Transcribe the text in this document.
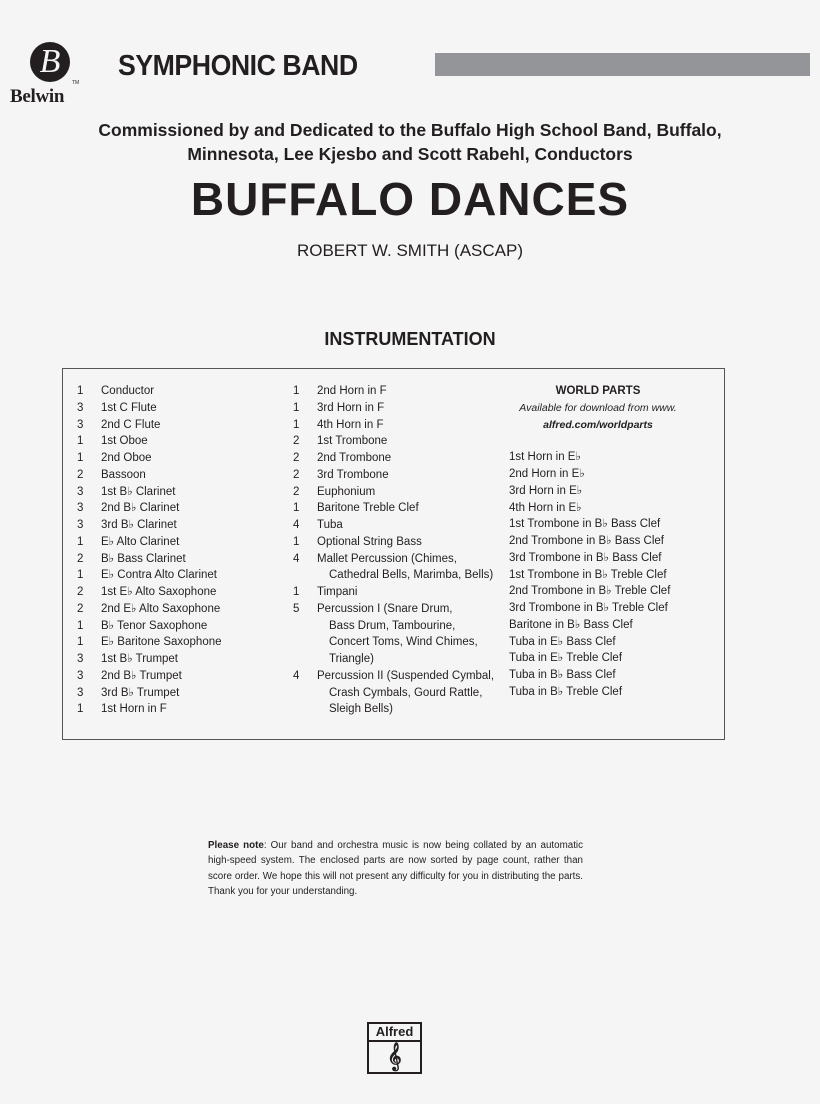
B
TM
Belwin
SYMPHONIC BAND
Commissioned by and Dedicated to the Buffalo High School Band, Buffalo,
Minnesota, Lee Kjesbo and Scott Rabehl, Conductors
BUFFALO DANCES
ROBERT W. SMITH (ASCAP)
INSTRUMENTATION
1	Conductor
3	1st C Flute
3	2nd C Flute
1	1st Oboe
1	2nd Oboe
2	Bassoon
3	1st B♭ Clarinet
3	2nd B♭ Clarinet
3	3rd B♭ Clarinet
1	E♭ Alto Clarinet
2	B♭ Bass Clarinet
1	E♭ Contra Alto Clarinet
2	1st E♭ Alto Saxophone
2	2nd E♭ Alto Saxophone
1	B♭ Tenor Saxophone
1	E♭ Baritone Saxophone
3	1st B♭ Trumpet
3	2nd B♭ Trumpet
3	3rd B♭ Trumpet
1	1st Horn in F
1	2nd Horn in F
1	3rd Horn in F
1	4th Horn in F
2	1st Trombone
2	2nd Trombone
2	3rd Trombone
2	Euphonium
1	Baritone Treble Clef
4	Tuba
1	Optional String Bass
4	Mallet Percussion (Chimes,
Cathedral Bells, Marimba, Bells)
1	Timpani
5	Percussion I (Snare Drum,
Bass Drum, Tambourine,
Concert Toms, Wind Chimes,
Triangle)
4	Percussion II (Suspended Cymbal,
Crash Cymbals, Gourd Rattle,
Sleigh Bells)
WORLD PARTS
Available for download from www.
alfred.com/worldparts
1st Horn in E♭
2nd Horn in E♭
3rd Horn in E♭
4th Horn in E♭
1st Trombone in B♭ Bass Clef
2nd Trombone in B♭ Bass Clef
3rd Trombone in B♭ Bass Clef
1st Trombone in B♭ Treble Clef
2nd Trombone in B♭ Treble Clef
3rd Trombone in B♭ Treble Clef
Baritone in B♭ Bass Clef
Tuba in E♭ Bass Clef
Tuba in E♭ Treble Clef
Tuba in B♭ Bass Clef
Tuba in B♭ Treble Clef
Please note: Our band and orchestra music is now being collated by an automatic high-speed system. The enclosed parts are now sorted by page count, rather than score order. We hope this will not present any difficulty for you in distributing the parts. Thank you for your understanding.
Alfred
𝄞
